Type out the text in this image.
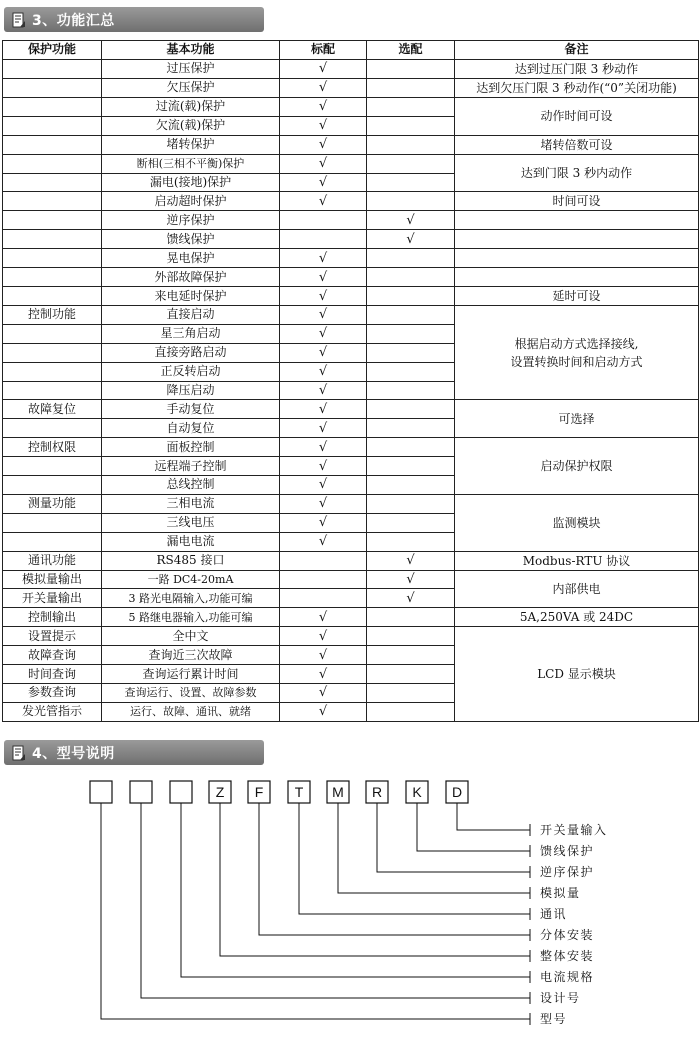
3、功能汇总
保护功能	基本功能	标配	选配	备注
	过压保护	√		达到过压门限 3 秒动作
	欠压保护	√		达到欠压门限 3 秒动作(“0”关闭功能)
	过流(载)保护	√		动作时间可设
	欠流(载)保护	√		
	堵转保护	√		堵转倍数可设
	断相(三相不平衡)保护	√		达到门限 3 秒内动作
	漏电(接地)保护	√		
	启动超时保护	√		时间可设
	逆序保护		√	
	馈线保护		√	
	晃电保护	√		
	外部故障保护	√		
	来电延时保护	√		延时可设
控制功能	直接启动	√		根据启动方式选择接线,
设置转换时间和启动方式
	星三角启动	√		
	直接旁路启动	√		
	正反转启动	√		
	降压启动	√		
故障复位	手动复位	√		可选择
	自动复位	√		
控制权限	面板控制	√		启动保护权限
	远程端子控制	√		
	总线控制	√		
测量功能	三相电流	√		监测模块
	三线电压	√		
	漏电电流	√		
通讯功能	RS485 接口		√	Modbus-RTU 协议
模拟量输出	一路 DC4-20mA		√	内部供电
开关量输出	3 路光电隔输入,功能可编		√	
控制输出	5 路继电器输入,功能可编	√		5A,250VA 或 24DC
设置提示	全中文	√		LCD 显示模块
故障查询	查询近三次故障	√		
时间查询	查询运行累计时间	√		
参数查询	查询运行、设置、故障参数	√		
发光管指示	运行、故障、通讯、就绪	√		
4、型号说明
Z F T M R K D
开关量输入
馈线保护
逆序保护
模拟量
通讯
分体安装
整体安装
电流规格
设计号
型号
